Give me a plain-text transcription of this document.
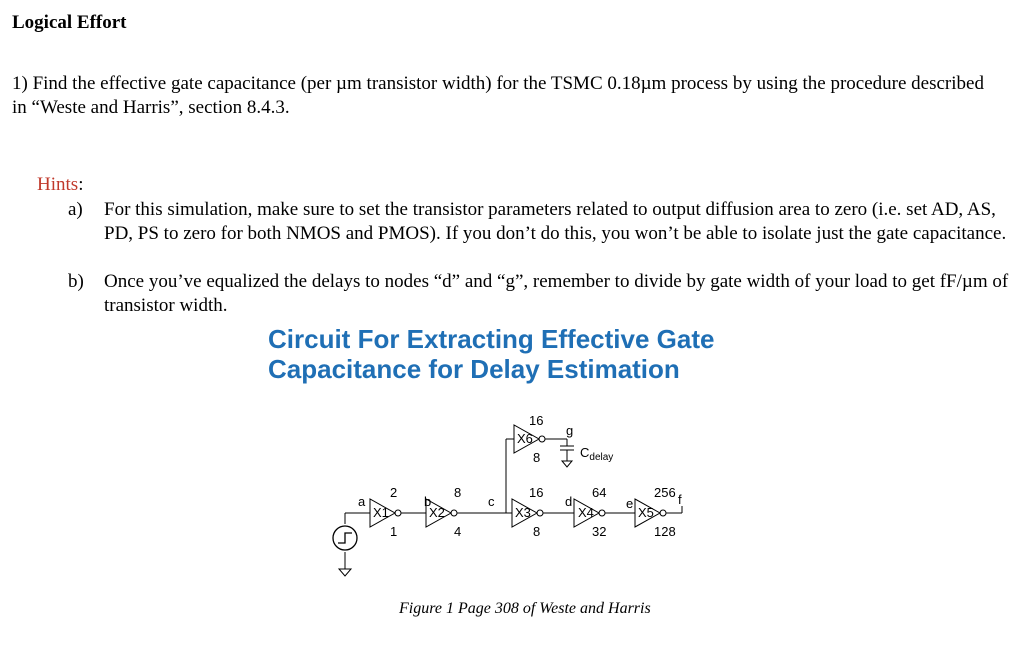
Logical Effort
1) Find the effective gate capacitance (per µm transistor width) for the TSMC 0.18µm process by using the procedure described in “Weste and Harris”, section 8.4.3.
Hints:
a) For this simulation, make sure to set the transistor parameters related to output diffusion area to zero (i.e. set AD, AS, PD, PS to zero for both NMOS and PMOS). If you don’t do this, you won’t be able to isolate just the gate capacitance.
b) Once you’ve equalized the delays to nodes “d” and “g”, remember to divide by gate width of your load to get fF/µm of transistor width.
Circuit For Extracting Effective Gate Capacitance for Delay Estimation
a	b	c	d	e	f
g
X1
2
1
X2
8
4
X3
16
8
X4
64
32
X5
256
128
X6
16
8	$C_{delay}$
Figure 1 Page 308 of Weste and Harris
